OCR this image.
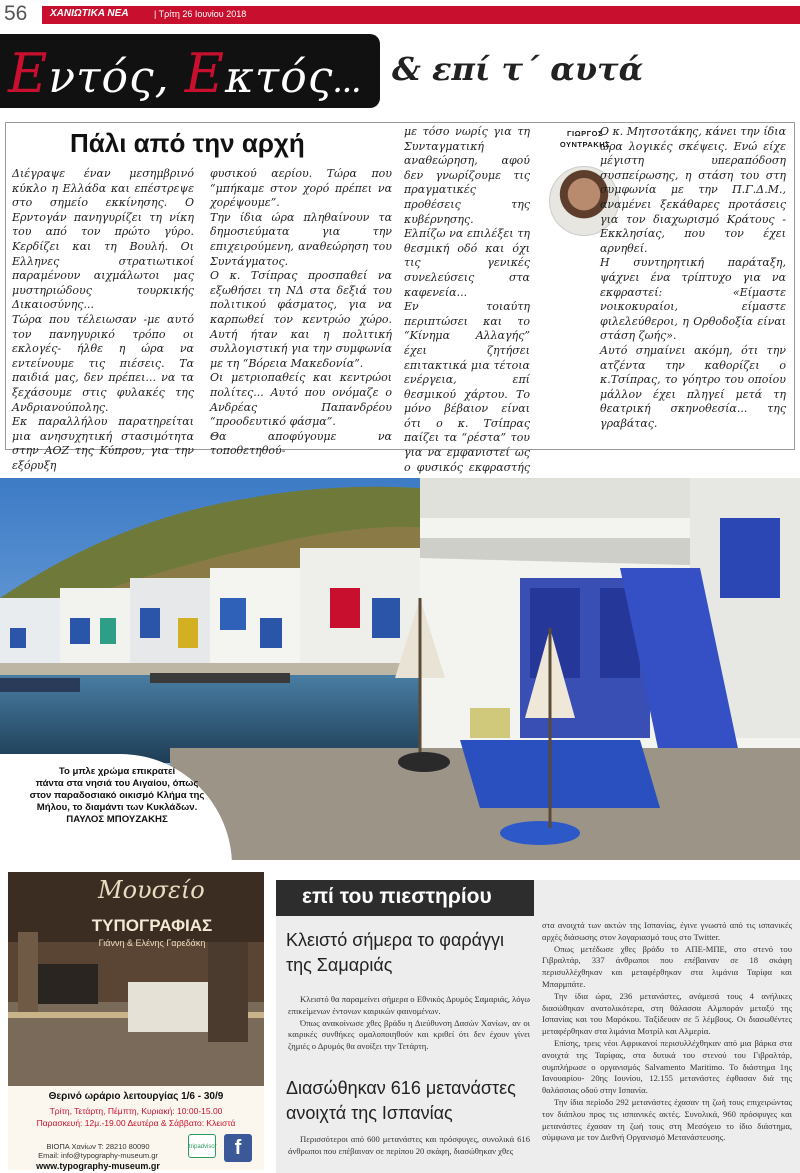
56 ΧΑΝΙΩΤΙΚΑ ΝΕΑ	| Τρίτη 26 Ιουνίου 2018
Εντός, Εκτός... & επί τ΄ αυτά
Πάλι από την αρχή

Διέγραψε έναν μεσημβρινό κύκλο η Ελλάδα και επέστρεψε στο σημείο εκκίνησης. Ο Ερντογάν πανηγυρίζει τη νίκη του από τον πρώτο γύρο. Κερδίζει και τη Βουλή. Οι Ελληνες στρατιωτικοί παραμένουν αιχμάλωτοι μας μυστηριώδους τουρκικής Δικαιοσύνης...

Τώρα που τέλειωσαν -με αυτό τον πανηγυρικό τρόπο οι εκλογές- ήλθε η ώρα να εντείνουμε τις πιέσεις. Τα παιδιά μας, δεν πρέπει... να τα ξεχάσουμε στις φυλακές της Ανδριανούπολης.

Εκ παραλλήλου παρατηρείται μια ανησυχητική στασιμότητα στην ΑΟΖ της Κύπρου, για την εξόρυξη

φυσικού αερίου. Τώρα που “μπήκαμε στον χορό πρέπει να χορέψουμε”.

Την ίδια ώρα πληθαίνουν τα δημοσιεύματα για την επιχειρούμενη, αναθεώρηση του Συντάγματος.

Ο κ. Τσίπρας προσπαθεί να εξωθήσει τη ΝΔ στα δεξιά του πολιτικού φάσματος, για να καρπωθεί τον κεντρώο χώρο. Αυτή ήταν και η πολιτική συλλογιστική για την συμφωνία με τη “Βόρεια Μακεδονία”.

Οι μετριοπαθείς και κεντρώοι πολίτες... Αυτό που ονόμαζε ο Ανδρέας Παπανδρέου “προοδευτικό φάσμα”.

Θα αποφύγουμε να τοποθετηθού-

με τόσο νωρίς για τη Συνταγματική αναθεώρηση, αφού δεν γνωρίζουμε τις πραγματικές προθέσεις της κυβέρνησης.

Ελπίζω να επιλέξει τη θεσμική οδό και όχι τις γενικές συνελεύσεις στα καφενεία...

Εν τοιαύτη περιπτώσει και το “Κίνημα Αλλαγής” έχει ζητήσει επιτακτικά μια τέτοια ενέργεια, επί θεσμικού χάρτου. Το μόνο βέβαιον είναι ότι ο κ. Τσίπρας παίζει τα “ρέστα” του για να εμφανιστεί ως ο φυσικός εκφραστής

ΓΙΩΡΓΟΣ
ΟΥΝΤΡΑΚΗΣ

Ο κ. Μητσοτάκης, κάνει την ίδια ώρα λογικές σκέψεις. Ενώ είχε μέγιστη υπεραπόδοση συσπείρωσης, η στάση του στη συμφωνία με την Π.Γ.Δ.Μ., αναμένει ξεκάθαρες προτάσεις για τον διαχωρισμό Κράτους - Εκκλησίας, που τον έχει αρνηθεί.

Η συντηρητική παράταξη, ψάχνει ένα τρίπτυχο για να εκφραστεί: «Είμαστε νοικοκυραίοι, είμαστε φιλελεύθεροι, η Ορθοδοξία είναι στάση ζωής».

Αυτό σημαίνει ακόμη, ότι την ατζέντα την καθορίζει ο κ.Τσίπρας, το γόητρο του οποίου μάλλον έχει πληγεί μετά τη θεατρική σκηνοθεσία... της γραβάτας.

Το μπλε χρώμα επικρατεί
πάντα στα νησιά του Αιγαίου, όπως
στον παραδοσιακό οικισμό Κλήμα της
Μήλου, το διαμάντι των Κυκλάδων.
ΠΑΥΛΟΣ ΜΠΟΥΖΑΚΗΣ
Μουσείο
ΤΥΠΟΓΡΑΦΙΑΣ
Γιάννη & Ελένης Γαρεδάκη
Θερινό ωράριο λειτουργίας 1/6 - 30/9
Τρίτη, Τετάρτη, Πέμπτη, Κυριακή: 10:00-15.00
Παρασκευή: 12μ.-19.00 Δευτέρα & Σάββατο: Κλειστά
ΒΙΟΠΑ Χανίων Τ: 28210 80090
Email: info@typography-museum.gr
www.typography-museum.gr
tripadvisor f
επί του πιεστηρίου
Κλειστό σήμερα το φαράγγι της Σαμαριάς

Κλειστό θα παραμείνει σήμερα ο Εθνικός Δρυμός Σαμαριάς, λόγω επικείμενων έντονων καιρικών φαινομένων.

Όπως ανακοίνωσε χθες βράδυ η Διεύθυνση Δασών Χανίων, αν οι καιρικές συνθήκες ομαλοποιηθούν και κριθεί ότι δεν έχουν γίνει ζημιές ο Δρυμός θα ανοίξει την Τετάρτη.

Διασώθηκαν 616 μετανάστες ανοιχτά της Ισπανίας

Περισσότεροι από 600 μετανάστες και πρόσφυγες, συνολικά 616 άνθρωποι που επέβαιναν σε περίπου 20 σκάφη, διασώθηκαν χθες

στα ανοιχτά των ακτών της Ισπανίας, έγινε γνωστό από τις ισπανικές αρχές διάσωσης στον λογαριασμό τους στο Twitter.

Οπως μετέδωσε χθες βράδυ το ΑΠΕ-ΜΠΕ, στο στενό του Γιβραλτάρ, 337 άνθρωποι που επέβαιναν σε 18 σκάφη περισυλλέχθηκαν και μεταφέρθηκαν στα λιμάνια Ταρίφα και Μπαρμπάτε.

Την ίδια ώρα, 236 μετανάστες, ανάμεσά τους 4 ανήλικες διασώθηκαν ανατολικότερα, στη θάλασσα Αλμποράν μεταξύ της Ισπανίας και του Μαρόκου. Ταξίδευαν σε 5 λέμβους. Οι διασωθέντες μεταφέρθηκαν στα λιμάνια Μοτρίλ και Αλμερία.

Επίσης, τρεις νέοι Αφρικανοί περισυλλέχθηκαν από μια βάρκα στα ανοιχτά της Ταρίφας, στα δυτικά του στενού του Γιβραλτάρ, συμπλήρωσε ο οργανισμός Salvamento Maritimo. Το διάστημα 1ης Ιανουαρίου- 20ης Ιουνίου, 12.155 μετανάστες έφθασαν διά της θαλάσσιας οδού στην Ισπανία.

Την ίδια περίοδο 292 μετανάστες έχασαν τη ζωή τους επιχειρώντας τον διάπλου προς τις ισπανικές ακτές. Συνολικά, 960 πρόσφυγες και μετανάστες έχασαν τη ζωή τους στη Μεσόγειο το ίδιο διάστημα, σύμφωνα με τον Διεθνή Οργανισμό Μετανάστευσης.
